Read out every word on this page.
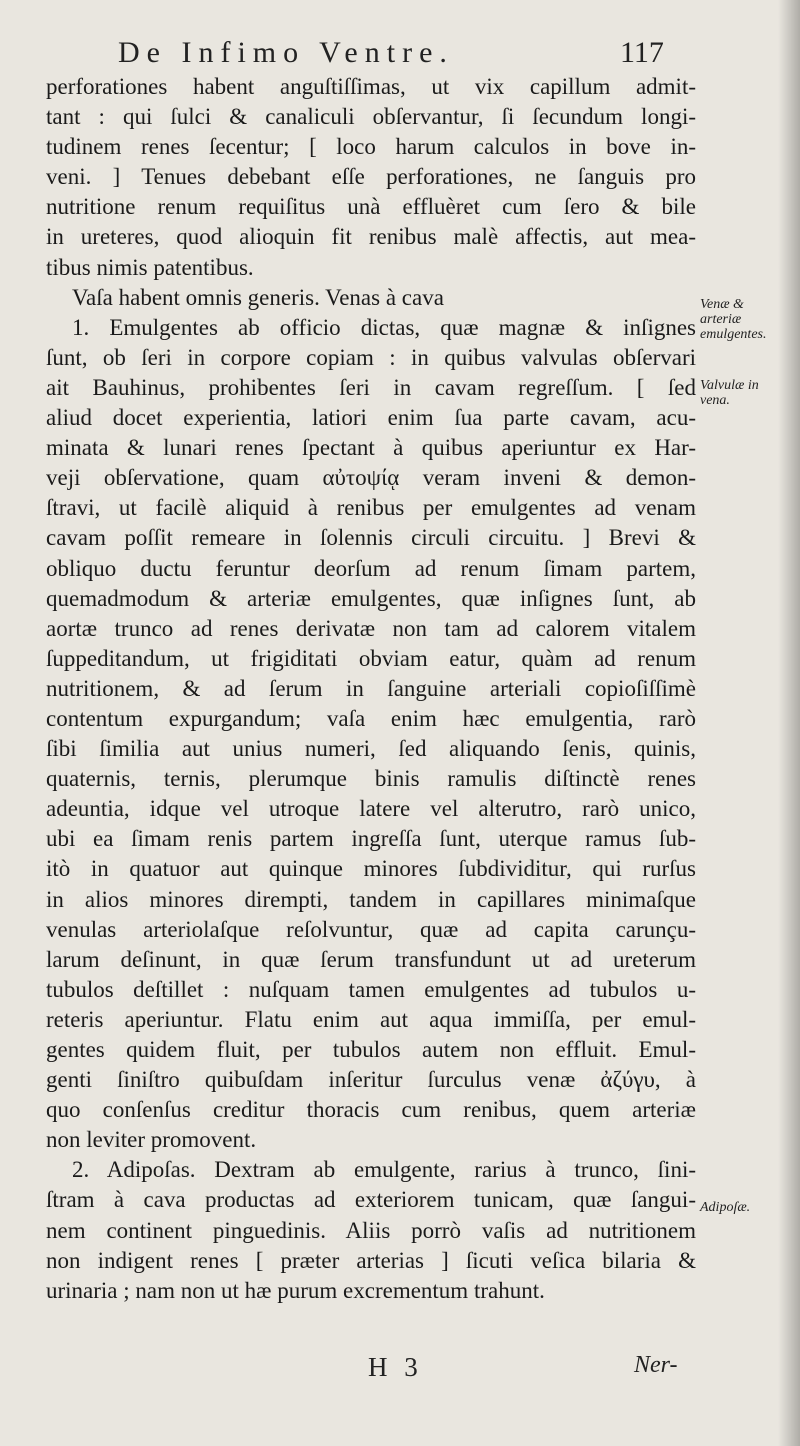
De Infimo Ventre.	117
perforationes habent anguſtiſſimas, ut vix capillum admit-
tant : qui ſulci & canaliculi obſervantur, ſi ſecundum longi-
tudinem renes ſecentur; [ loco harum calculos in bove in-
veni. ] Tenues debebant eſſe perforationes, ne ſanguis pro
nutritione renum requiſitus unà effluèret cum ſero & bile
in ureteres, quod alioquin fit renibus malè affectis, aut mea-
tibus nimis patentibus.
Vaſa habent omnis generis. Venas à cava
1. Emulgentes ab officio dictas, quæ magnæ & inſignes
ſunt, ob ſeri in corpore copiam : in quibus valvulas obſervari
ait Bauhinus, prohibentes ſeri in cavam regreſſum. [ ſed
aliud docet experientia, latiori enim ſua parte cavam, acu-
minata & lunari renes ſpectant à quibus aperiuntur ex Har-
veji obſervatione, quam αὐτοψίᾳ veram inveni & demon-
ſtravi, ut facilè aliquid à renibus per emulgentes ad venam
cavam poſſit remeare in ſolennis circuli circuitu. ] Brevi &
obliquo ductu feruntur deorſum ad renum ſimam partem,
quemadmodum & arteriæ emulgentes, quæ inſignes ſunt, ab
aortæ trunco ad renes derivatæ non tam ad calorem vitalem
ſuppeditandum, ut frigiditati obviam eatur, quàm ad renum
nutritionem, & ad ſerum in ſanguine arteriali copioſiſſimè
contentum expurgandum; vaſa enim hæc emulgentia, rarò
ſibi ſimilia aut unius numeri, ſed aliquando ſenis, quinis,
quaternis, ternis, plerumque binis ramulis diſtinctè renes
adeuntia, idque vel utroque latere vel alterutro, rarò unico,
ubi ea ſimam renis partem ingreſſa ſunt, uterque ramus ſub-
itò in quatuor aut quinque minores ſubdividitur, qui rurſus
in alios minores dirempti, tandem in capillares minimaſque
venulas arteriolaſque reſolvuntur, quæ ad capita carunçu-
larum deſinunt, in quæ ſerum transfundunt ut ad ureterum
tubulos deſtillet : nuſquam tamen emulgentes ad tubulos u-
reteris aperiuntur. Flatu enim aut aqua immiſſa, per emul-
gentes quidem fluit, per tubulos autem non effluit. Emul-
genti ſiniſtro quibuſdam inſeritur ſurculus venæ ἀζύγυ, à
quo conſenſus creditur thoracis cum renibus, quem arteriæ
non leviter promovent.
2. Adipoſas. Dextram ab emulgente, rarius à trunco, ſini-
ſtram à cava productas ad exteriorem tunicam, quæ ſangui-
nem continent pinguedinis. Aliis porrò vaſis ad nutritionem
non indigent renes [ præter arterias ] ſicuti veſica bilaria &
urinaria ; nam non ut hæ purum excrementum trahunt.
Venæ & arteriæ emulgentes.
Valvulæ in vena.
Adipoſæ.
H 3	Ner-
